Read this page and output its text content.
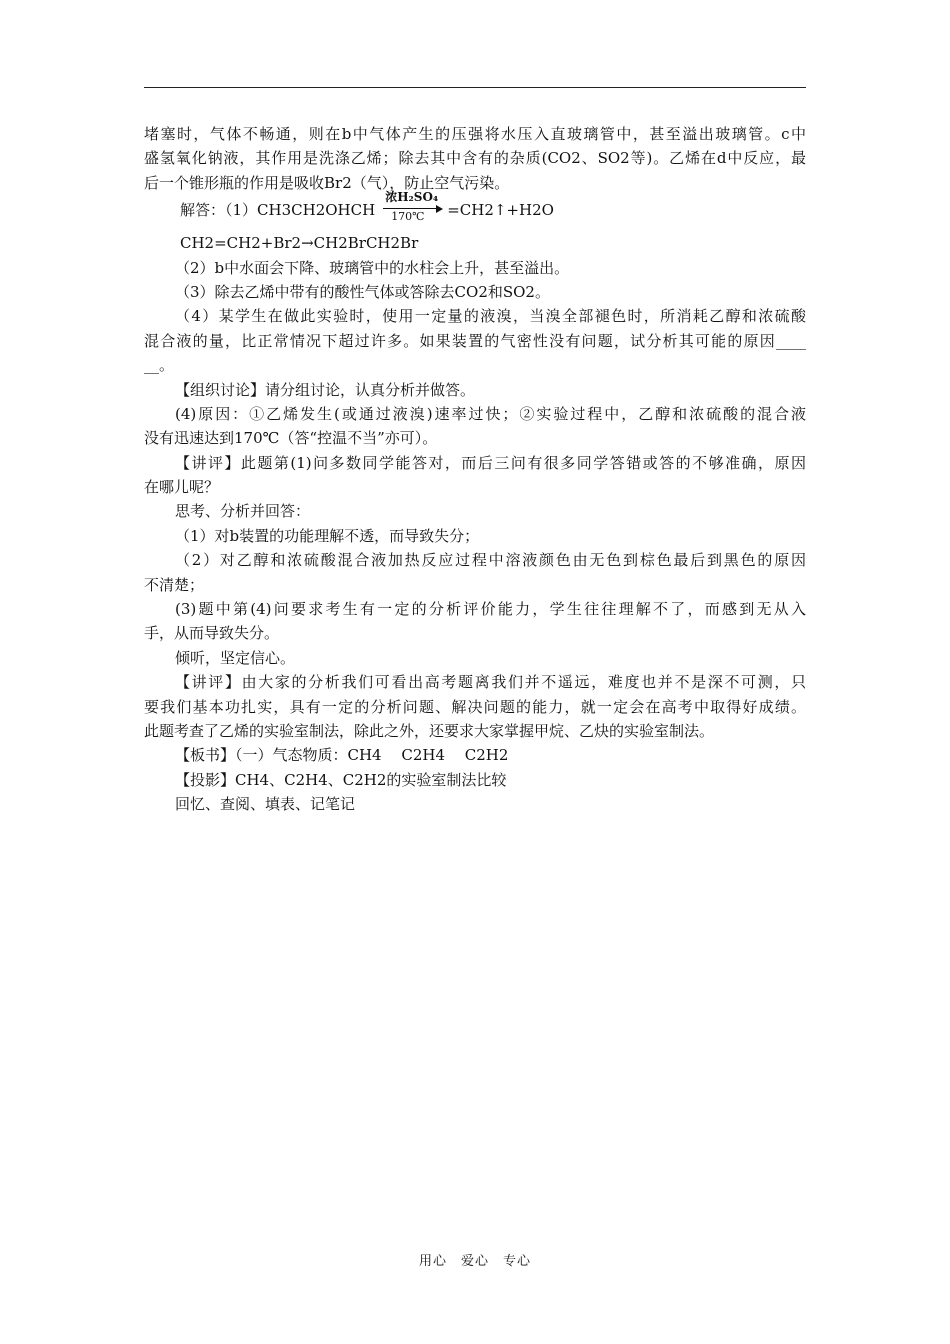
堵塞时，气体不畅通，则在b中气体产生的压强将水压入直玻璃管中，甚至溢出玻璃管。c中
盛氢氧化钠液，其作用是洗涤乙烯；除去其中含有的杂质(CO2、SO2等)。乙烯在d中反应，最
后一个锥形瓶的作用是吸收Br2（气），防止空气污染。
解答：（1）CH3CH2OHCH
浓H₂SO₄
170℃ =CH2↑+H2O
CH2=CH2+Br2→CH2BrCH2Br
（2）b中水面会下降、玻璃管中的水柱会上升，甚至溢出。
（3）除去乙烯中带有的酸性气体或答除去CO2和SO2。
（4）某学生在做此实验时，使用一定量的液溴，当溴全部褪色时，所消耗乙醇和浓硫酸
混合液的量，比正常情况下超过许多。如果装置的气密性没有问题，试分析其可能的原因____
__。
【组织讨论】请分组讨论，认真分析并做答。
(4)原因：①乙烯发生(或通过液溴)速率过快；②实验过程中，乙醇和浓硫酸的混合液
没有迅速达到170℃（答“控温不当”亦可）。
【讲评】此题第(1)问多数同学能答对，而后三问有很多同学答错或答的不够准确，原因
在哪儿呢？
思考、分析并回答：
（1）对b装置的功能理解不透，而导致失分；
（2）对乙醇和浓硫酸混合液加热反应过程中溶液颜色由无色到棕色最后到黑色的原因
不清楚；
(3)题中第(4)问要求考生有一定的分析评价能力，学生往往理解不了，而感到无从入
手，从而导致失分。
倾听，坚定信心。
【讲评】由大家的分析我们可看出高考题离我们并不遥远，难度也并不是深不可测，只
要我们基本功扎实，具有一定的分析问题、解决问题的能力，就一定会在高考中取得好成绩。
此题考查了乙烯的实验室制法，除此之外，还要求大家掌握甲烷、乙炔的实验室制法。
【板书】（一）气态物质：CH4　 C2H4　 C2H2
【投影】CH4、C2H4、C2H2的实验室制法比较
回忆、查阅、填表、记笔记
用心　爱心　专心
